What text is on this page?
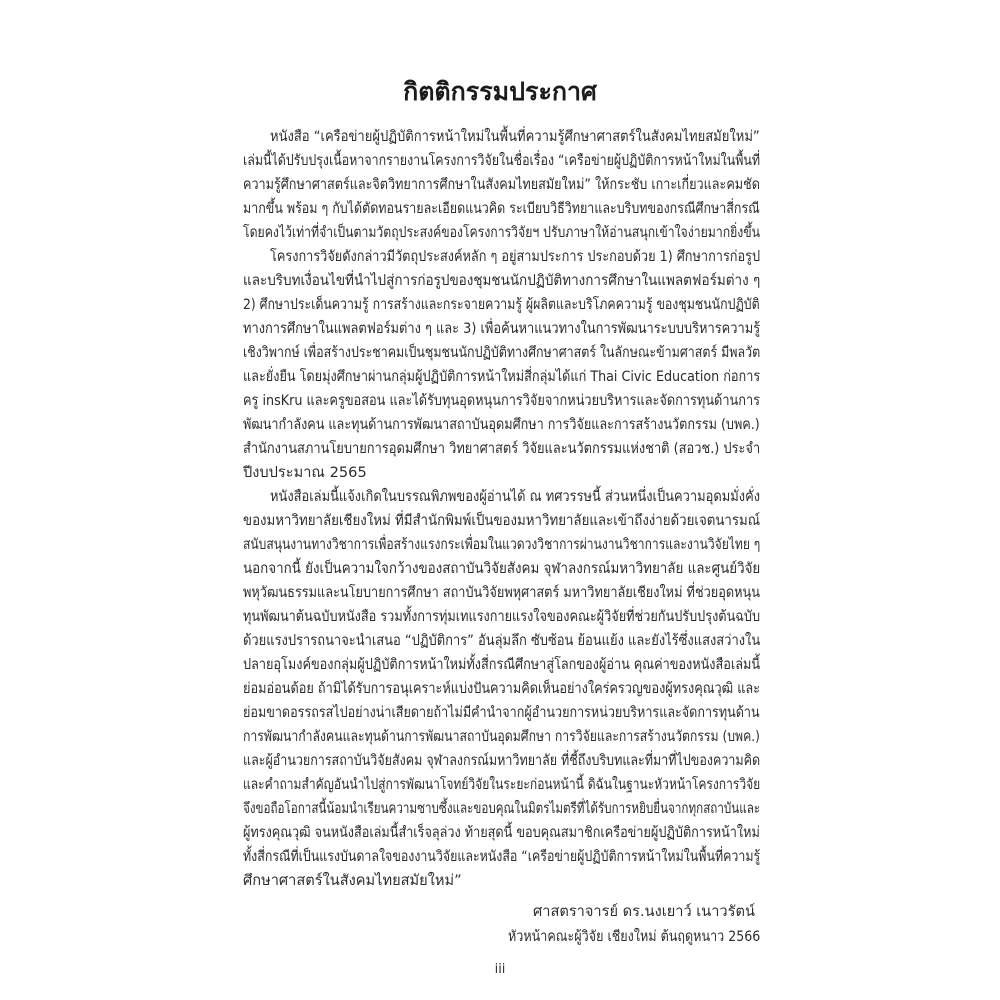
กิตติกรรมประกาศ
หนังสือ “เครือข่ายผู้ปฏิบัติการหน้าใหม่ในพื้นที่ความรู้ศึกษาศาสตร์ในสังคมไทยสมัยใหม่”
เล่มนี้ได้ปรับปรุงเนื้อหาจากรายงานโครงการวิจัยในชื่อเรื่อง “เครือข่ายผู้ปฏิบัติการหน้าใหม่ในพื้นที่
ความรู้ศึกษาศาสตร์และจิตวิทยาการศึกษาในสังคมไทยสมัยใหม่” ให้กระชับ เกาะเกี่ยวและคมชัด
มากขึ้น พร้อม ๆ กับได้ตัดทอนรายละเอียดแนวคิด ระเบียบวิธีวิทยาและบริบทของกรณีศึกษาสี่กรณี
โดยคงไว้เท่าที่จำเป็นตามวัตถุประสงค์ของโครงการวิจัยฯ ปรับภาษาให้อ่านสนุกเข้าใจง่ายมากยิ่งขึ้น
โครงการวิจัยดังกล่าวมีวัตถุประสงค์หลัก ๆ อยู่สามประการ ประกอบด้วย 1) ศึกษาการก่อรูป
และบริบทเงื่อนไขที่นำไปสู่การก่อรูปของชุมชนนักปฏิบัติทางการศึกษาในแพลตฟอร์มต่าง ๆ
2) ศึกษาประเด็นความรู้ การสร้างและกระจายความรู้ ผู้ผลิตและบริโภคความรู้ ของชุมชนนักปฏิบัติ
ทางการศึกษาในแพลตฟอร์มต่าง ๆ และ 3) เพื่อค้นหาแนวทางในการพัฒนาระบบบริหารความรู้
เชิงวิพากษ์ เพื่อสร้างประชาคมเป็นชุมชนนักปฏิบัติทางศึกษาศาสตร์ ในลักษณะข้ามศาสตร์ มีพลวัต
และยั่งยืน โดยมุ่งศึกษาผ่านกลุ่มผู้ปฏิบัติการหน้าใหม่สี่กลุ่มได้แก่ Thai Civic Education ก่อการ
ครู insKru และครูขอสอน และได้รับทุนอุดหนุนการวิจัยจากหน่วยบริหารและจัดการทุนด้านการ
พัฒนากำลังคน และทุนด้านการพัฒนาสถาบันอุดมศึกษา การวิจัยและการสร้างนวัตกรรม (บพค.)
สำนักงานสภานโยบายการอุดมศึกษา วิทยาศาสตร์ วิจัยและนวัตกรรมแห่งชาติ (สอวช.) ประจำ
ปีงบประมาณ 2565
หนังสือเล่มนี้แจ้งเกิดในบรรณพิภพของผู้อ่านได้ ณ ทศวรรษนี้ ส่วนหนึ่งเป็นความอุดมมั่งคั่ง
ของมหาวิทยาลัยเชียงใหม่ ที่มีสำนักพิมพ์เป็นของมหาวิทยาลัยและเข้าถึงง่ายด้วยเจตนารมณ์
สนับสนุนงานทางวิชาการเพื่อสร้างแรงกระเพื่อมในแวดวงวิชาการผ่านงานวิชาการและงานวิจัยไทย ๆ
นอกจากนี้ ยังเป็นความใจกว้างของสถาบันวิจัยสังคม จุฬาลงกรณ์มหาวิทยาลัย และศูนย์วิจัย
พหุวัฒนธรรมและนโยบายการศึกษา สถาบันวิจัยพหุศาสตร์ มหาวิทยาลัยเชียงใหม่ ที่ช่วยอุดหนุน
ทุนพัฒนาต้นฉบับหนังสือ รวมทั้งการทุ่มเทแรงกายแรงใจของคณะผู้วิจัยที่ช่วยกันปรับปรุงต้นฉบับ
ด้วยแรงปรารถนาจะนำเสนอ “ปฏิบัติการ” อันลุ่มลึก ซับซ้อน ย้อนแย้ง และยังไร้ซึ่งแสงสว่างใน
ปลายอุโมงค์ของกลุ่มผู้ปฏิบัติการหน้าใหม่ทั้งสี่กรณีศึกษาสู่โลกของผู้อ่าน คุณค่าของหนังสือเล่มนี้
ย่อมอ่อนด้อย ถ้ามิได้รับการอนุเคราะห์แบ่งปันความคิดเห็นอย่างใคร่ครวญของผู้ทรงคุณวุฒิ และ
ย่อมขาดอรรถรสไปอย่างน่าเสียดายถ้าไม่มีคำนำจากผู้อำนวยการหน่วยบริหารและจัดการทุนด้าน
การพัฒนากำลังคนและทุนด้านการพัฒนาสถาบันอุดมศึกษา การวิจัยและการสร้างนวัตกรรม (บพค.)
และผู้อำนวยการสถาบันวิจัยสังคม จุฬาลงกรณ์มหาวิทยาลัย ที่ชี้ถึงบริบทและที่มาที่ไปของความคิด
และคำถามสำคัญอันนำไปสู่การพัฒนาโจทย์วิจัยในระยะก่อนหน้านี้ ดิฉันในฐานะหัวหน้าโครงการวิจัย
จึงขอถือโอกาสนี้น้อมนำเรียนความซาบซึ้งและขอบคุณในมิตรไมตรีที่ได้รับการหยิบยื่นจากทุกสถาบันและ
ผู้ทรงคุณวุฒิ จนหนังสือเล่มนี้สำเร็จลุล่วง ท้ายสุดนี้ ขอบคุณสมาชิกเครือข่ายผู้ปฏิบัติการหน้าใหม่
ทั้งสี่กรณีที่เป็นแรงบันดาลใจของงานวิจัยและหนังสือ “เครือข่ายผู้ปฏิบัติการหน้าใหม่ในพื้นที่ความรู้
ศึกษาศาสตร์ในสังคมไทยสมัยใหม่”
ศาสตราจารย์ ดร.นงเยาว์ เนาวรัตน์
หัวหน้าคณะผู้วิจัย เชียงใหม่ ต้นฤดูหนาว 2566
iii
